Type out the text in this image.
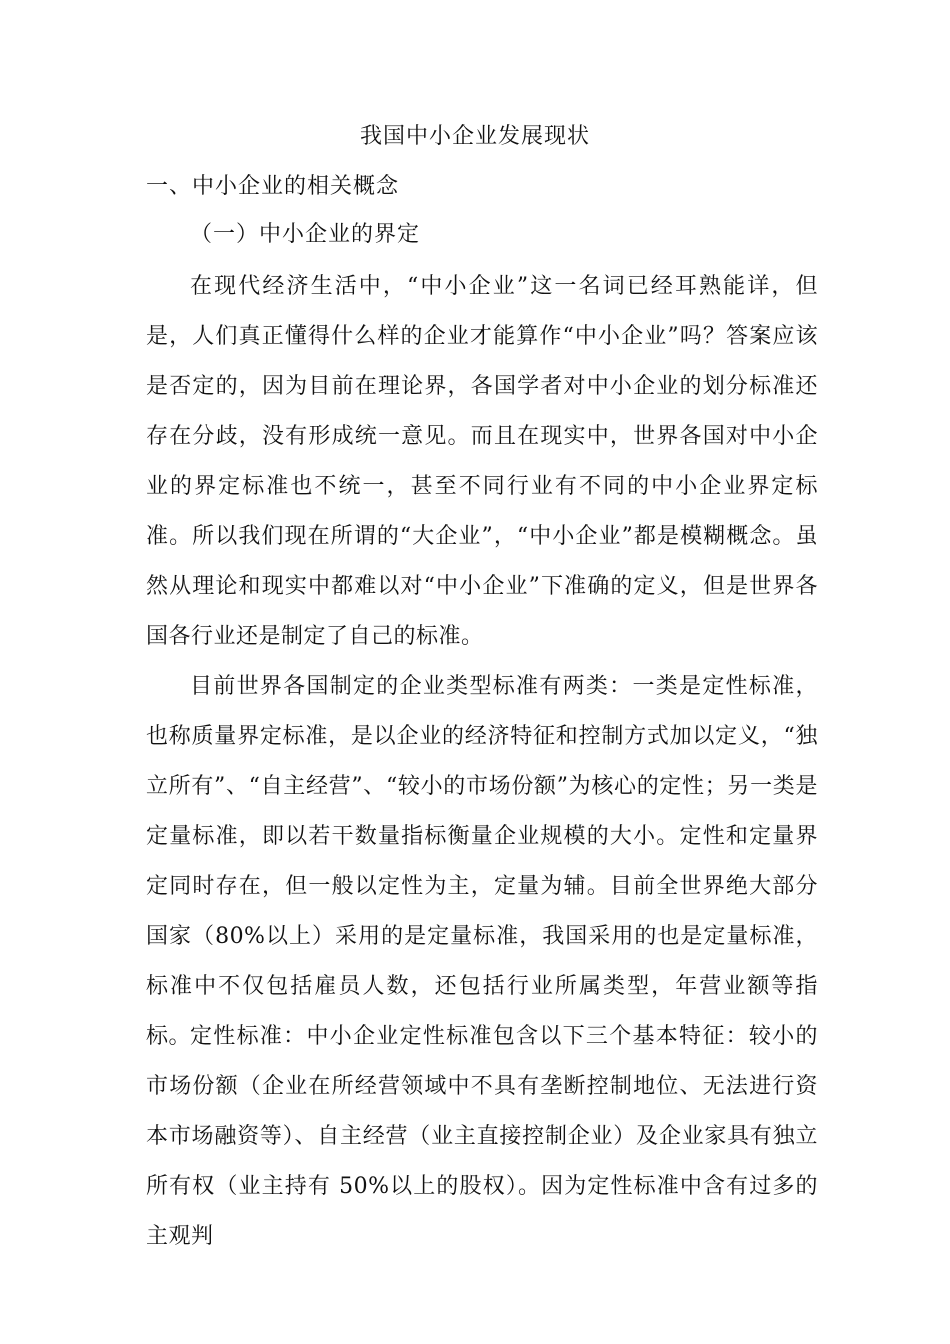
我国中小企业发展现状
一、中小企业的相关概念
（一）中小企业的界定

在现代经济生活中，“中小企业”这一名词已经耳熟能详，但是，人们真正懂得什么样的企业才能算作“中小企业”吗？答案应该是否定的，因为目前在理论界，各国学者对中小企业的划分标准还存在分歧，没有形成统一意见。而且在现实中，世界各国对中小企业的界定标准也不统一，甚至不同行业有不同的中小企业界定标准。所以我们现在所谓的“大企业”，“中小企业”都是模糊概念。虽然从理论和现实中都难以对“中小企业”下准确的定义，但是世界各国各行业还是制定了自己的标准。

目前世界各国制定的企业类型标准有两类：一类是定性标准，也称质量界定标准，是以企业的经济特征和控制方式加以定义，“独立所有”、“自主经营”、“较小的市场份额”为核心的定性；另一类是定量标准，即以若干数量指标衡量企业规模的大小。定性和定量界定同时存在，但一般以定性为主，定量为辅。目前全世界绝大部分国家（80%以上）采用的是定量标准，我国采用的也是定量标准，标准中不仅包括雇员人数，还包括行业所属类型，年营业额等指标。

定性标准：中小企业定性标准包含以下三个基本特征：较小的市场份额（企业在所经营领域中不具有垄断控制地位、无法进行资本市场融资等）、自主经营（业主直接控制企业）及企业家具有独立所有权（业主持有 50%以上的股权）。因为定性标准中含有过多的主观判
